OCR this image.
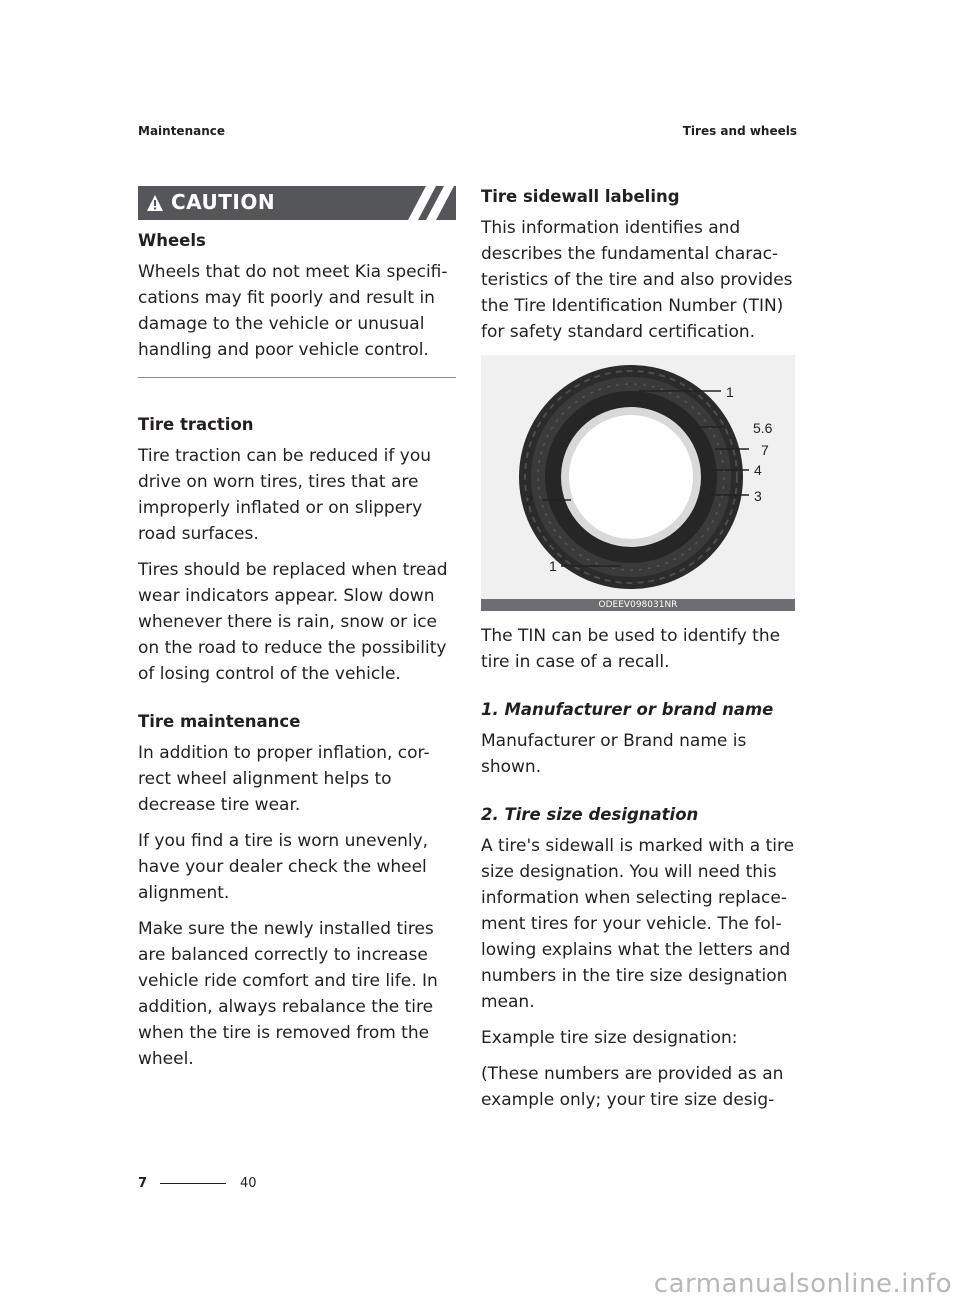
Maintenance	Tires and wheels
CAUTION
Wheels
Wheels that do not meet Kia specifi-cations may fit poorly and result in damage to the vehicle or unusual handling and poor vehicle control.
Tire traction
Tire traction can be reduced if you drive on worn tires, tires that are improperly inflated or on slippery road surfaces.
Tires should be replaced when tread wear indicators appear. Slow down whenever there is rain, snow or ice on the road to reduce the possibility of losing control of the vehicle.
Tire maintenance
In addition to proper inflation, cor-rect wheel alignment helps to decrease tire wear.
If you find a tire is worn unevenly, have your dealer check the wheel alignment.
Make sure the newly installed tires are balanced correctly to increase vehicle ride comfort and tire life. In addition, always rebalance the tire when the tire is removed from the wheel.
Tire sidewall labeling
This information identifies and describes the fundamental charac-teristics of the tire and also provides the Tire Identification Number (TIN) for safety standard certification.
1
5.6
7
4
3
2
1
ODEEV098031NR
The TIN can be used to identify the tire in case of a recall.
1. Manufacturer or brand name
Manufacturer or Brand name is shown.
2. Tire size designation
A tire's sidewall is marked with a tire size designation. You will need this information when selecting replace-ment tires for your vehicle. The fol-lowing explains what the letters and numbers in the tire size designation mean.
Example tire size designation:
(These numbers are provided as an example only; your tire size desig-
7	40
carmanualsonline.info
